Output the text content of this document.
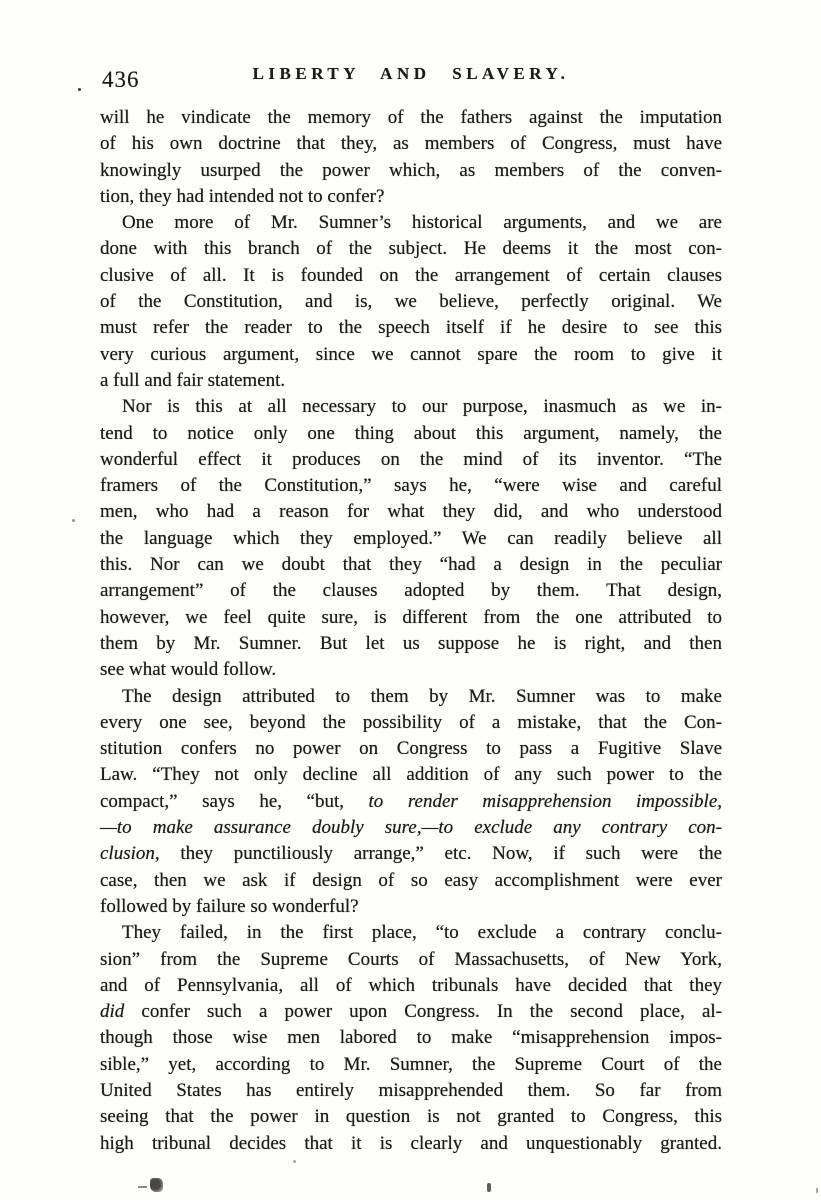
436	LIBERTY AND SLAVERY.
will he vindicate the memory of the fathers against the imputation
of his own doctrine that they, as members of Congress, must have
knowingly usurped the power which, as members of the conven-
tion, they had intended not to confer?
One more of Mr. Sumner’s historical arguments, and we are
done with this branch of the subject. He deems it the most con-
clusive of all. It is founded on the arrangement of certain clauses
of the Constitution, and is, we believe, perfectly original. We
must refer the reader to the speech itself if he desire to see this
very curious argument, since we cannot spare the room to give it
a full and fair statement.
Nor is this at all necessary to our purpose, inasmuch as we in-
tend to notice only one thing about this argument, namely, the
wonderful effect it produces on the mind of its inventor. “The
framers of the Constitution,” says he, “were wise and careful
men, who had a reason for what they did, and who understood
the language which they employed.” We can readily believe all
this. Nor can we doubt that they “had a design in the peculiar
arrangement” of the clauses adopted by them. That design,
however, we feel quite sure, is different from the one attributed to
them by Mr. Sumner. But let us suppose he is right, and then
see what would follow.
The design attributed to them by Mr. Sumner was to make
every one see, beyond the possibility of a mistake, that the Con-
stitution confers no power on Congress to pass a Fugitive Slave
Law. “They not only decline all addition of any such power to the
compact,” says he, “but, to render misapprehension impossible,
—to make assurance doubly sure,—to exclude any contrary con-
clusion, they punctiliously arrange,” etc. Now, if such were the
case, then we ask if design of so easy accomplishment were ever
followed by failure so wonderful?
They failed, in the first place, “to exclude a contrary conclu-
sion” from the Supreme Courts of Massachusetts, of New York,
and of Pennsylvania, all of which tribunals have decided that they
did confer such a power upon Congress. In the second place, al-
though those wise men labored to make “misapprehension impos-
sible,” yet, according to Mr. Sumner, the Supreme Court of the
United States has entirely misapprehended them. So far from
seeing that the power in question is not granted to Congress, this
high tribunal decides that it is clearly and unquestionably granted.
